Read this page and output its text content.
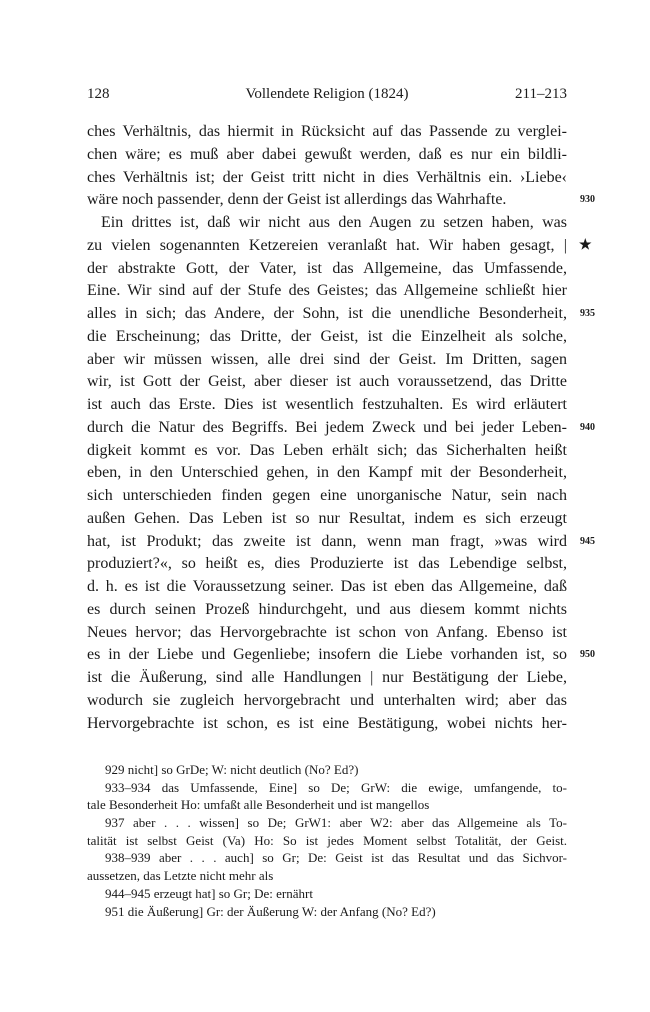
128	Vollendete Religion (1824)	211–213
ches Verhältnis, das hiermit in Rücksicht auf das Passende zu verglei-
chen wäre; es muß aber dabei gewußt werden, daß es nur ein bildli-
ches Verhältnis ist; der Geist tritt nicht in dies Verhältnis ein. ›Liebe‹
wäre noch passender, denn der Geist ist allerdings das Wahrhafte.	930
Ein drittes ist, daß wir nicht aus den Augen zu setzen haben, was
zu vielen sogenannten Ketzereien veranlaßt hat. Wir haben gesagt, | ★
der abstrakte Gott, der Vater, ist das Allgemeine, das Umfassende,
Eine. Wir sind auf der Stufe des Geistes; das Allgemeine schließt hier
alles in sich; das Andere, der Sohn, ist die unendliche Besonderheit, 935
die Erscheinung; das Dritte, der Geist, ist die Einzelheit als solche,
aber wir müssen wissen, alle drei sind der Geist. Im Dritten, sagen
wir, ist Gott der Geist, aber dieser ist auch voraussetzend, das Dritte
ist auch das Erste. Dies ist wesentlich festzuhalten. Es wird erläutert
durch die Natur des Begriffs. Bei jedem Zweck und bei jeder Leben- 940
digkeit kommt es vor. Das Leben erhält sich; das Sicherhalten heißt
eben, in den Unterschied gehen, in den Kampf mit der Besonderheit,
sich unterschieden finden gegen eine unorganische Natur, sein nach
außen Gehen. Das Leben ist so nur Resultat, indem es sich erzeugt
hat, ist Produkt; das zweite ist dann, wenn man fragt, »was wird 945
produziert?«, so heißt es, dies Produzierte ist das Lebendige selbst,
d. h. es ist die Voraussetzung seiner. Das ist eben das Allgemeine, daß
es durch seinen Prozeß hindurchgeht, und aus diesem kommt nichts
Neues hervor; das Hervorgebrachte ist schon von Anfang. Ebenso ist
es in der Liebe und Gegenliebe; insofern die Liebe vorhanden ist, so 950
ist die Äußerung, sind alle Handlungen | nur Bestätigung der Liebe,
wodurch sie zugleich hervorgebracht und unterhalten wird; aber das
Hervorgebrachte ist schon, es ist eine Bestätigung, wobei nichts her-
929 nicht] so GrDe; W: nicht deutlich (No? Ed?)
933–934 das Umfassende, Eine] so De; GrW: die ewige, umfangende, to-
tale Besonderheit Ho: umfaßt alle Besonderheit und ist mangellos
937 aber . . . wissen] so De; GrW1: aber W2: aber das Allgemeine als To-
talität ist selbst Geist (Va) Ho: So ist jedes Moment selbst Totalität, der Geist.
938–939 aber . . . auch] so Gr; De: Geist ist das Resultat und das Sichvor-
aussetzen, das Letzte nicht mehr als
944–945 erzeugt hat] so Gr; De: ernährt
951 die Äußerung] Gr: der Äußerung W: der Anfang (No? Ed?)
